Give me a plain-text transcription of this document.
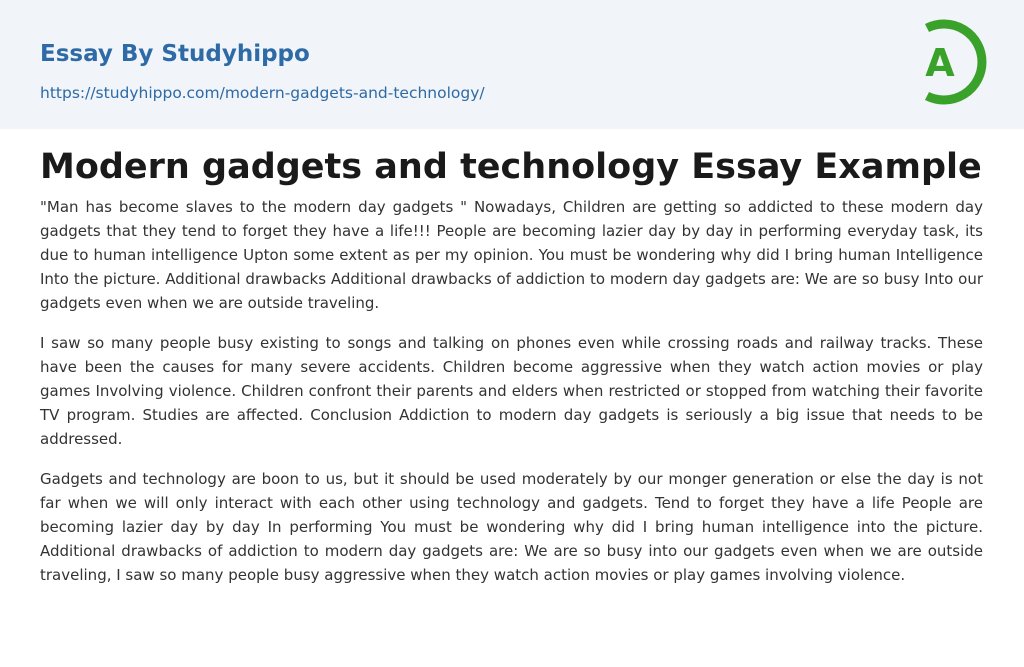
Essay By Studyhippo
https://studyhippo.com/modern-gadgets-and-technology/
A
Modern gadgets and technology Essay Example

"Man has become slaves to the modern day gadgets " Nowadays, Children are getting so addicted to these modern day gadgets that they tend to forget they have a life!!! People are becoming lazier day by day in performing everyday task, its due to human intelligence Upton some extent as per my opinion. You must be wondering why did I bring human Intelligence Into the picture. Additional drawbacks Additional drawbacks of addiction to modern day gadgets are: We are so busy Into our gadgets even when we are outside traveling.

I saw so many people busy existing to songs and talking on phones even while crossing roads and railway tracks. These have been the causes for many severe accidents. Children become aggressive when they watch action movies or play games Involving violence. Children confront their parents and elders when restricted or stopped from watching their favorite TV program. Studies are affected. Conclusion Addiction to modern day gadgets is seriously a big issue that needs to be addressed.

Gadgets and technology are boon to us, but it should be used moderately by our monger generation or else the day is not far when we will only interact with each other using technology and gadgets. Tend to forget they have a life People are becoming lazier day by day In performing You must be wondering why did I bring human intelligence into the picture. Additional drawbacks of addiction to modern day gadgets are: We are so busy into our gadgets even when we are outside traveling, I saw so many people busy aggressive when they watch action movies or play games involving violence.
